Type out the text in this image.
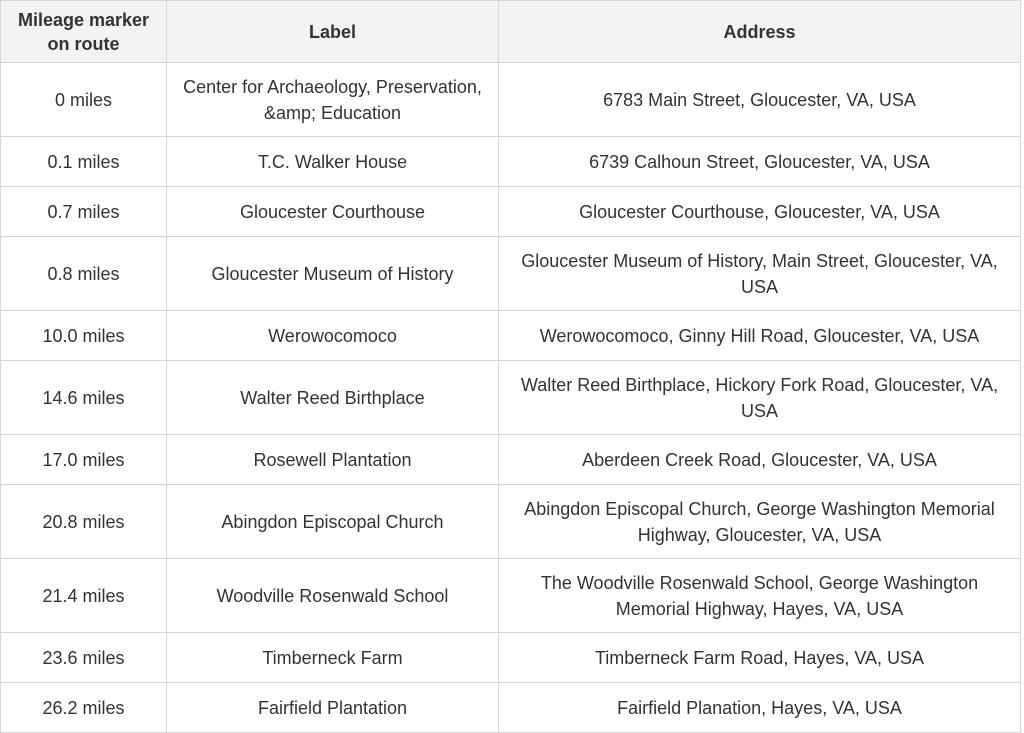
Mileage marker on route	Label	Address
0 miles	Center for Archaeology, Preservation, &amp; Education	6783 Main Street, Gloucester, VA, USA
0.1 miles	T.C. Walker House	6739 Calhoun Street, Gloucester, VA, USA
0.7 miles	Gloucester Courthouse	Gloucester Courthouse, Gloucester, VA, USA
0.8 miles	Gloucester Museum of History	Gloucester Museum of History, Main Street, Gloucester, VA, USA
10.0 miles	Werowocomoco	Werowocomoco, Ginny Hill Road, Gloucester, VA, USA
14.6 miles	Walter Reed Birthplace	Walter Reed Birthplace, Hickory Fork Road, Gloucester, VA, USA
17.0 miles	Rosewell Plantation	Aberdeen Creek Road, Gloucester, VA, USA
20.8 miles	Abingdon Episcopal Church	Abingdon Episcopal Church, George Washington Memorial Highway, Gloucester, VA, USA
21.4 miles	Woodville Rosenwald School	The Woodville Rosenwald School, George Washington Memorial Highway, Hayes, VA, USA
23.6 miles	Timberneck Farm	Timberneck Farm Road, Hayes, VA, USA
26.2 miles	Fairfield Plantation	Fairfield Planation, Hayes, VA, USA
